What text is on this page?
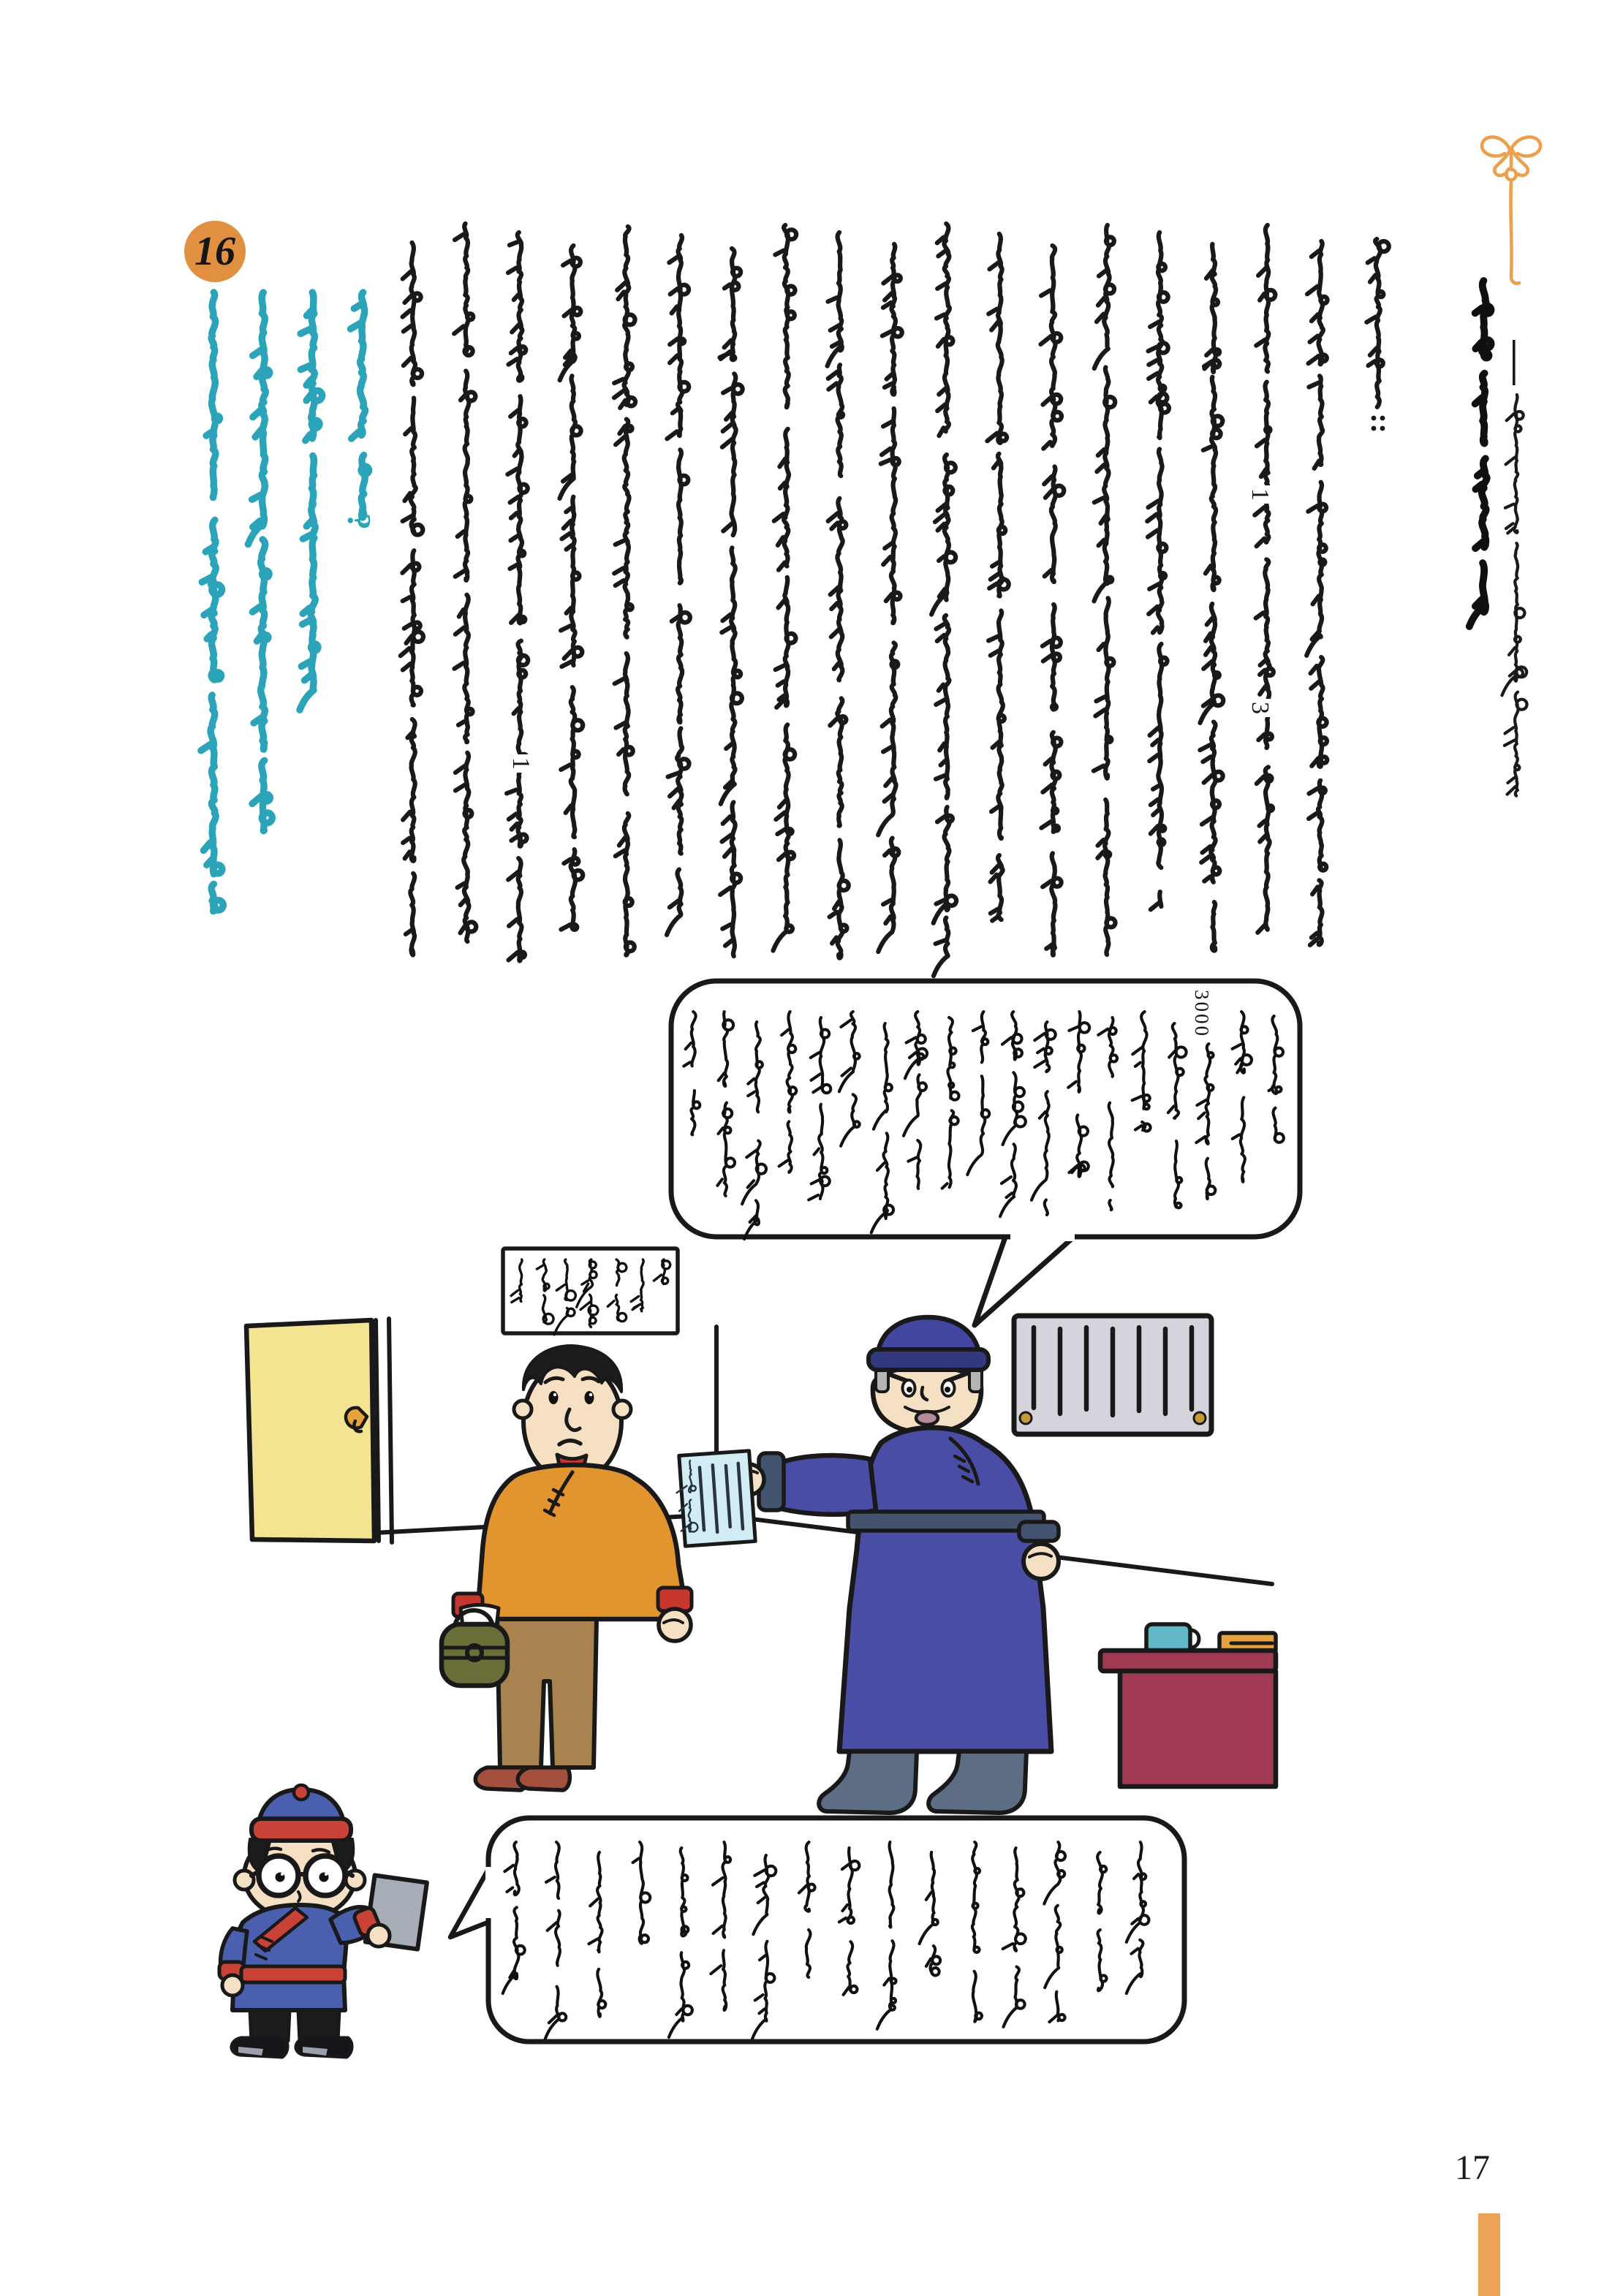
16
3000
1
3
1
?
17
